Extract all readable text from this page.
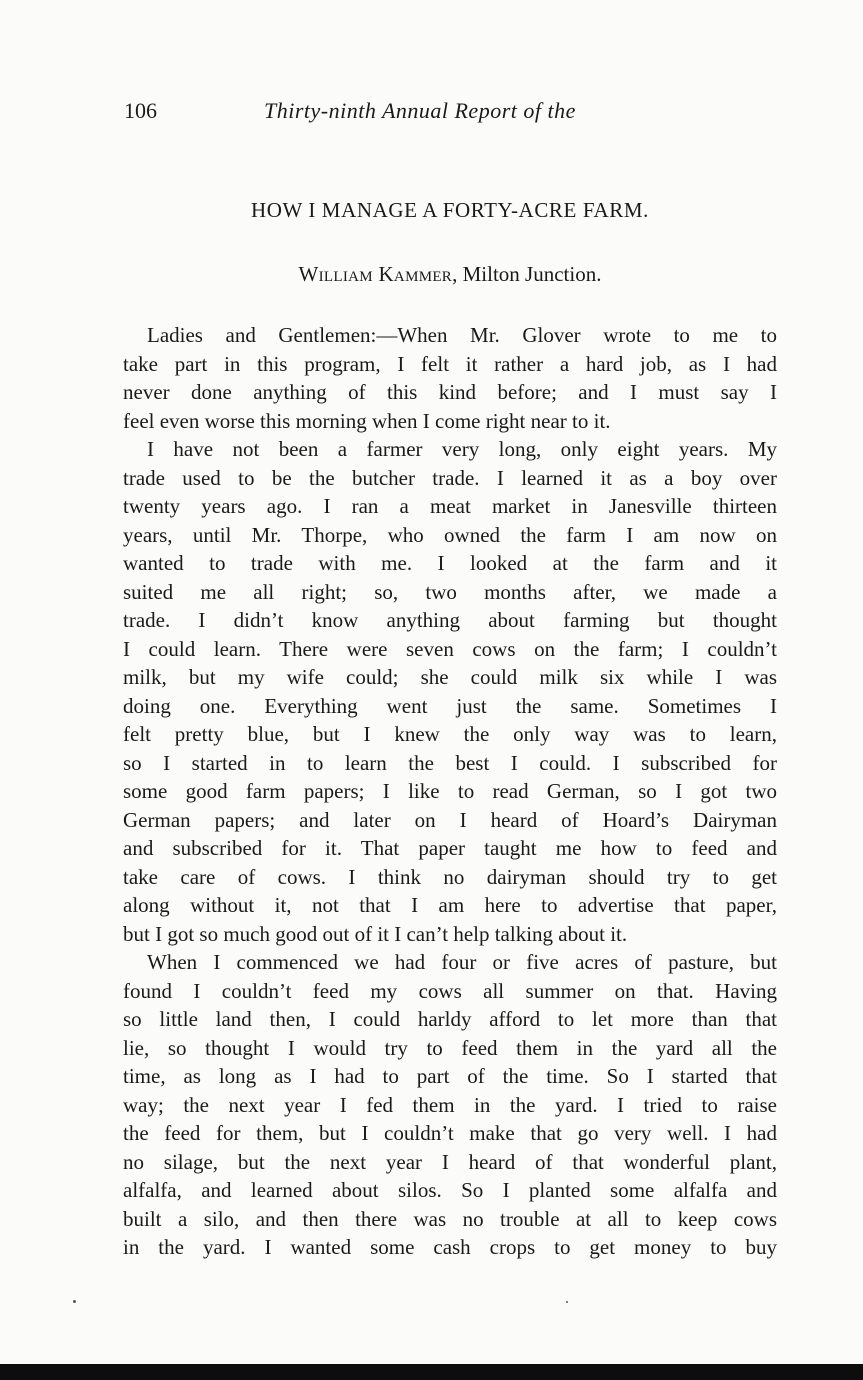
106	Thirty-ninth Annual Report of the
HOW I MANAGE A FORTY-ACRE FARM.
William Kammer, Milton Junction.
Ladies and Gentlemen:—When Mr. Glover wrote to me to
take part in this program, I felt it rather a hard job, as I had
never done anything of this kind before; and I must say I
feel even worse this morning when I come right near to it.
I have not been a farmer very long, only eight years. My
trade used to be the butcher trade. I learned it as a boy over
twenty years ago. I ran a meat market in Janesville thirteen
years, until Mr. Thorpe, who owned the farm I am now on
wanted to trade with me. I looked at the farm and it
suited me all right; so, two months after, we made a
trade. I didn’t know anything about farming but thought
I could learn. There were seven cows on the farm; I couldn’t
milk, but my wife could; she could milk six while I was
doing one. Everything went just the same. Sometimes I
felt pretty blue, but I knew the only way was to learn,
so I started in to learn the best I could. I subscribed for
some good farm papers; I like to read German, so I got two
German papers; and later on I heard of Hoard’s Dairyman
and subscribed for it. That paper taught me how to feed and
take care of cows. I think no dairyman should try to get
along without it, not that I am here to advertise that paper,
but I got so much good out of it I can’t help talking about it.
When I commenced we had four or five acres of pasture, but
found I couldn’t feed my cows all summer on that. Having
so little land then, I could harldy afford to let more than that
lie, so thought I would try to feed them in the yard all the
time, as long as I had to part of the time. So I started that
way; the next year I fed them in the yard. I tried to raise
the feed for them, but I couldn’t make that go very well. I had
no silage, but the next year I heard of that wonderful plant,
alfalfa, and learned about silos. So I planted some alfalfa and
built a silo, and then there was no trouble at all to keep cows
in the yard. I wanted some cash crops to get money to buy
